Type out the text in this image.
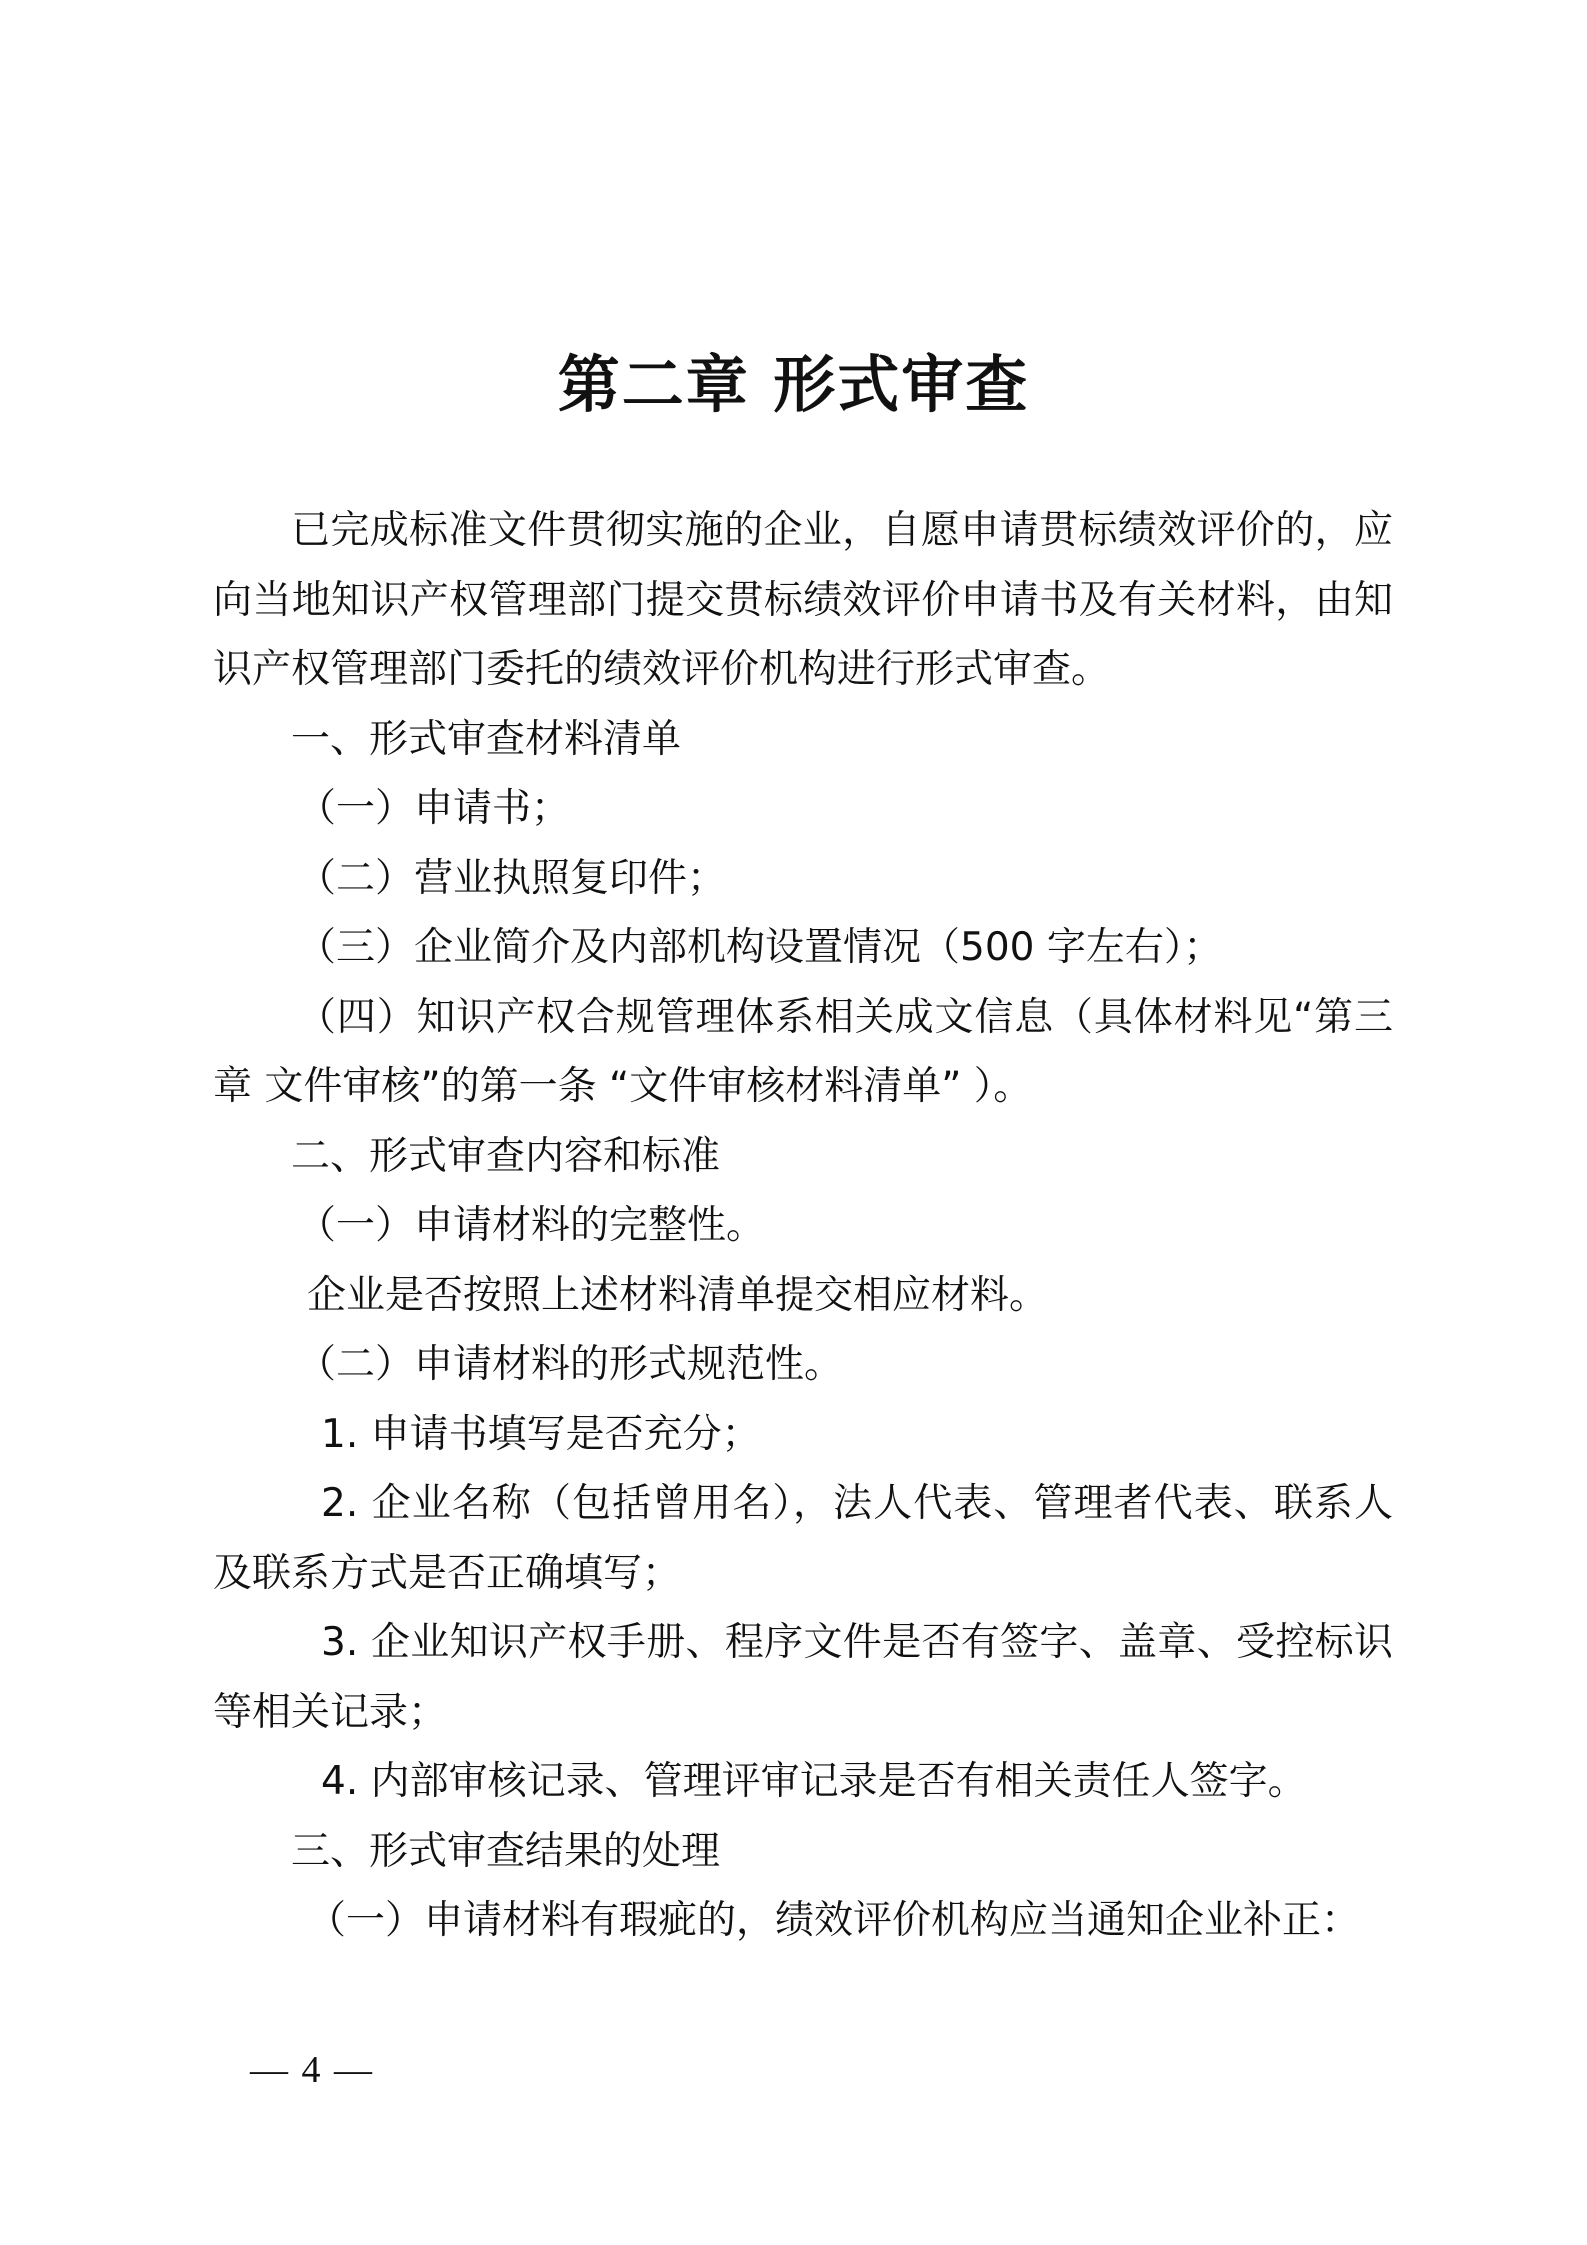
第二章 形式审查

已完成标准文件贯彻实施的企业，自愿申请贯标绩效评价的，应向当地知识产权管理部门提交贯标绩效评价申请书及有关材料，由知识产权管理部门委托的绩效评价机构进行形式审查。

一、形式审查材料清单

（一）申请书；

（二）营业执照复印件；

（三）企业简介及内部机构设置情况（500 字左右）；

（四）知识产权合规管理体系相关成文信息（具体材料见“第三章 文件审核”的第一条 “文件审核材料清单” ）。

二、形式审查内容和标准

（一）申请材料的完整性。

企业是否按照上述材料清单提交相应材料。

（二）申请材料的形式规范性。

1. 申请书填写是否充分；

2. 企业名称（包括曾用名），法人代表、管理者代表、联系人及联系方式是否正确填写；

3. 企业知识产权手册、程序文件是否有签字、盖章、受控标识等相关记录；

4. 内部审核记录、管理评审记录是否有相关责任人签字。

三、形式审查结果的处理

（一）申请材料有瑕疵的，绩效评价机构应当通知企业补正：

— 4 —
